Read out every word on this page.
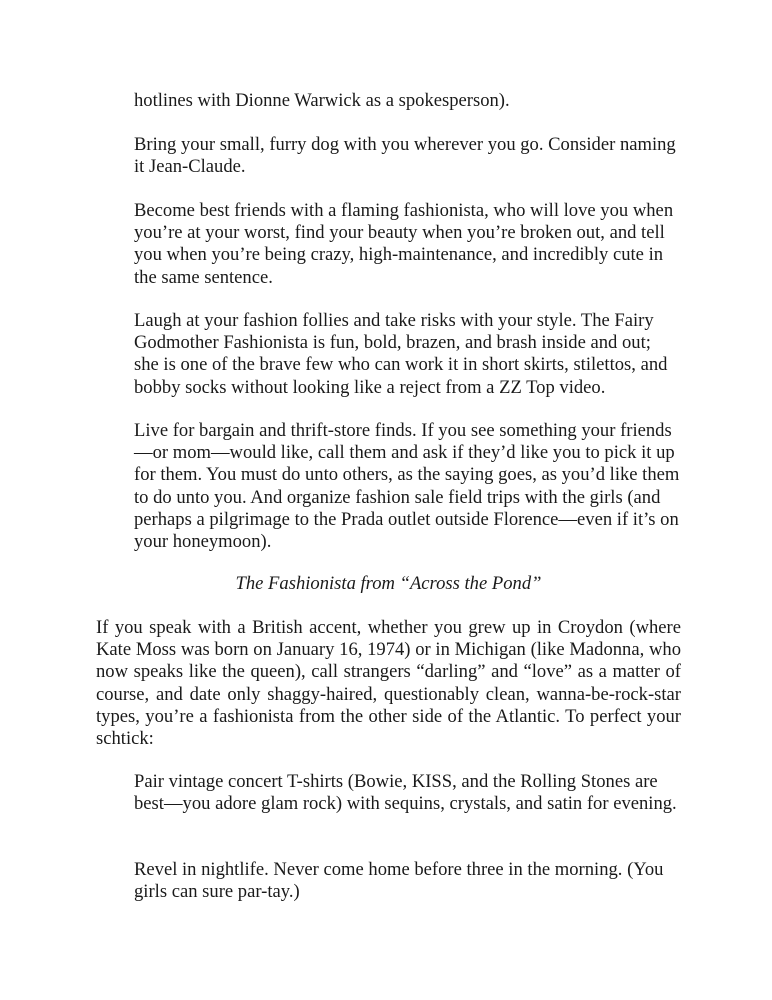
hotlines with Dionne Warwick as a spokesperson).

Bring your small, furry dog with you wherever you go. Consider naming it Jean-Claude.

Become best friends with a flaming fashionista, who will love you when you’re at your worst, find your beauty when you’re broken out, and tell you when you’re being crazy, high-maintenance, and incredibly cute in the same sentence.

Laugh at your fashion follies and take risks with your style. The Fairy Godmother Fashionista is fun, bold, brazen, and brash inside and out; she is one of the brave few who can work it in short skirts, stilettos, and bobby socks without looking like a reject from a ZZ Top video.

Live for bargain and thrift-store finds. If you see something your friends—or mom—would like, call them and ask if they’d like you to pick it up for them. You must do unto others, as the saying goes, as you’d like them to do unto you. And organize fashion sale field trips with the girls (and perhaps a pilgrimage to the Prada outlet outside Florence—even if it’s on your honeymoon).

The Fashionista from “Across the Pond”

If you speak with a British accent, whether you grew up in Croydon (where Kate Moss was born on January 16, 1974) or in Michigan (like Madonna, who now speaks like the queen), call strangers “darling” and “love” as a matter of course, and date only shaggy-haired, questionably clean, wanna-be-rock-star types, you’re a fashionista from the other side of the Atlantic. To perfect your schtick:

Pair vintage concert T-shirts (Bowie, KISS, and the Rolling Stones are best—you adore glam rock) with sequins, crystals, and satin for evening.

Revel in nightlife. Never come home before three in the morning. (You girls can sure par-tay.)
